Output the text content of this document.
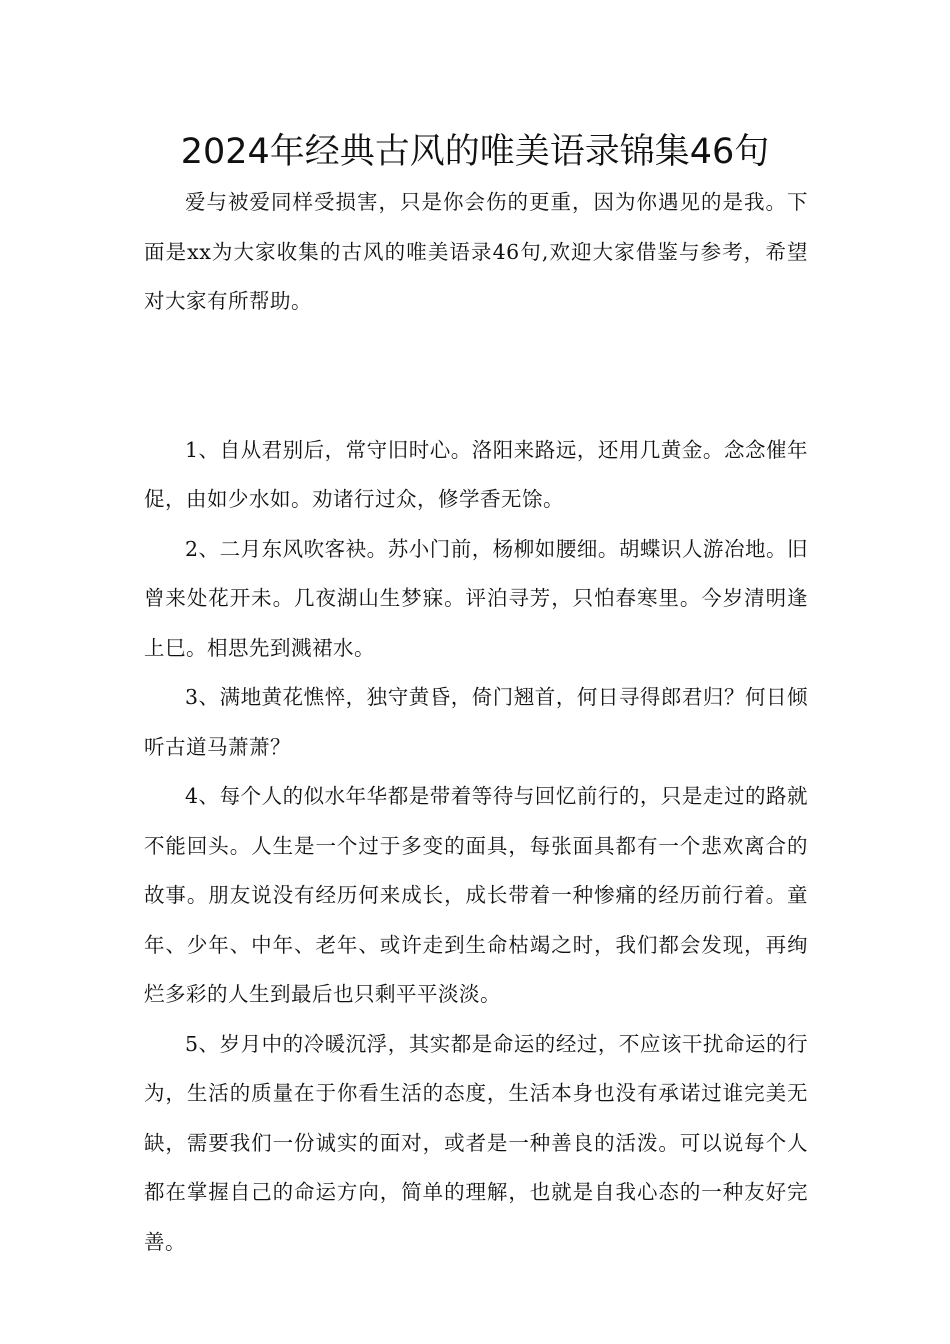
2024年经典古风的唯美语录锦集46句

爱与被爱同样受损害，只是你会伤的更重，因为你遇见的是我。下面是xx为大家收集的古风的唯美语录46句,欢迎大家借鉴与参考，希望对大家有所帮助。

1、自从君别后，常守旧时心。洛阳来路远，还用几黄金。念念催年促，由如少水如。劝诸行过众，修学香无馀。

2、二月东风吹客袂。苏小门前，杨柳如腰细。胡蝶识人游冶地。旧曾来处花开未。几夜湖山生梦寐。评泊寻芳，只怕春寒里。今岁清明逢上巳。相思先到溅裙水。

3、满地黄花憔悴，独守黄昏，倚门翘首，何日寻得郎君归？何日倾听古道马萧萧？

4、每个人的似水年华都是带着等待与回忆前行的，只是走过的路就不能回头。人生是一个过于多变的面具，每张面具都有一个悲欢离合的故事。朋友说没有经历何来成长，成长带着一种惨痛的经历前行着。童年、少年、中年、老年、或许走到生命枯竭之时，我们都会发现，再绚烂多彩的人生到最后也只剩平平淡淡。

5、岁月中的冷暖沉浮，其实都是命运的经过，不应该干扰命运的行为，生活的质量在于你看生活的态度，生活本身也没有承诺过谁完美无缺，需要我们一份诚实的面对，或者是一种善良的活泼。可以说每个人都在掌握自己的命运方向，简单的理解，也就是自我心态的一种友好完善。
